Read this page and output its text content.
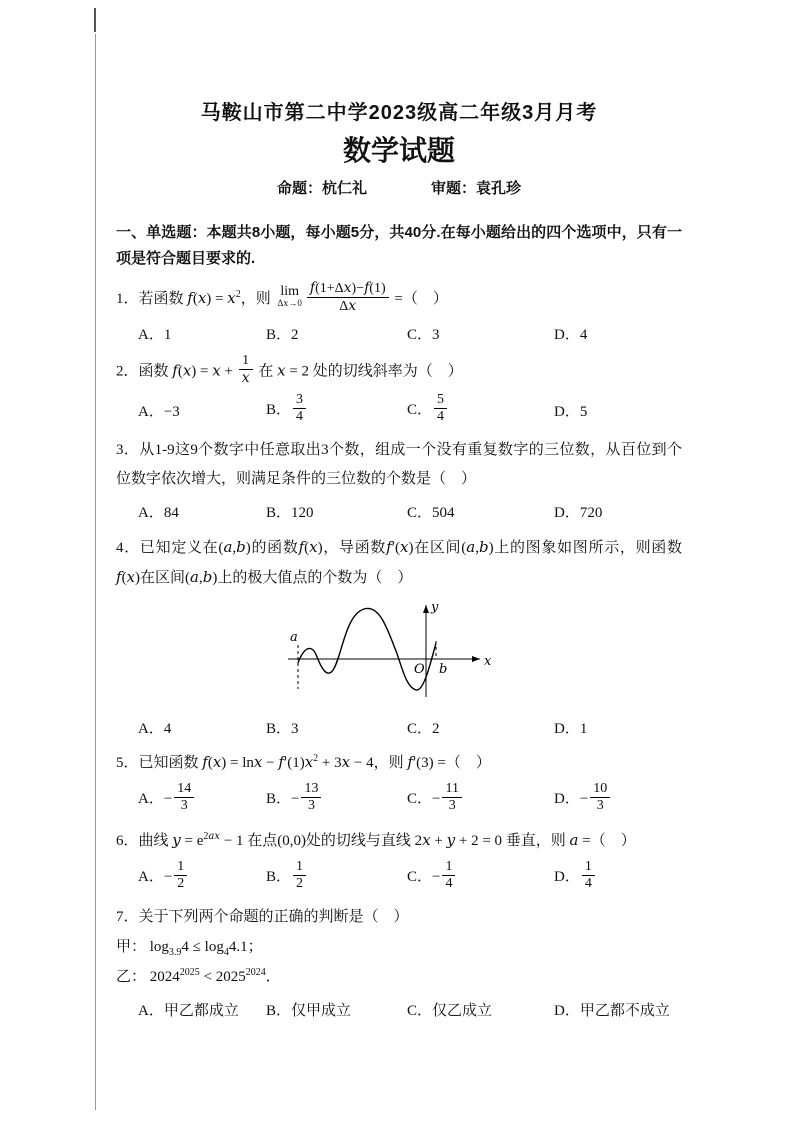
马鞍山市第二中学2023级高二年级3月月考
数学试题
命题：杭仁礼	审题：袁孔珍

一、单选题：本题共8小题，每小题5分，共40分.在每小题给出的四个选项中，只有一项是符合题目要求的.

1．若函数 $f(x) = x^2$，则 lim
$\Delta x\to 0 \frac{f(1+\Delta x)-f(1)}{\Delta x}$ =（　）

A．1	B．2	C．3	D．4

2．函数 $f(x) = x + \frac{1}{x}$ 在 x = 2 处的切线斜率为（　）

A．−3	B． $\frac{3}{4}$	C． $\frac{5}{4}$	D．5

3．从1-9这9个数字中任意取出3个数，组成一个没有重复数字的三位数，从百位到个位数字依次增大，则满足条件的三位数的个数是（　）

A．84	B．120	C．504	D．720

4．已知定义在(a,b)的函数f(x)，导函数f′(x)在区间(a,b)上的图象如图所示，则函数f(x)在区间(a,b)上的极大值点的个数为（　）

a
O b
x
y
A．4	B．3	C．2	D．1

5．已知函数 $f(x) = \ln x - f'(1)x^2 + 3x - 4$，则 f′(3) =（　）

A．− $\frac{14}{3}$	B．− $\frac{13}{3}$	C．− $\frac{11}{3}$	D．− $\frac{10}{3}$

6．曲线 $y = e^{2ax} - 1$ 在点(0,0)处的切线与直线 2x + y + 2 = 0 垂直，则 a =（　）

A．− $\frac{1}{2}$	B． $\frac{1}{2}$	C．− $\frac{1}{4}$	D． $\frac{1}{4}$

7．关于下列两个命题的正确的判断是（　）

甲： $\log_{3.9}4 \le \log_44.1$；

乙： $2024^{2025} < 2025^{2024}$．

A．甲乙都成立	B．仅甲成立	C．仅乙成立	D．甲乙都不成立
